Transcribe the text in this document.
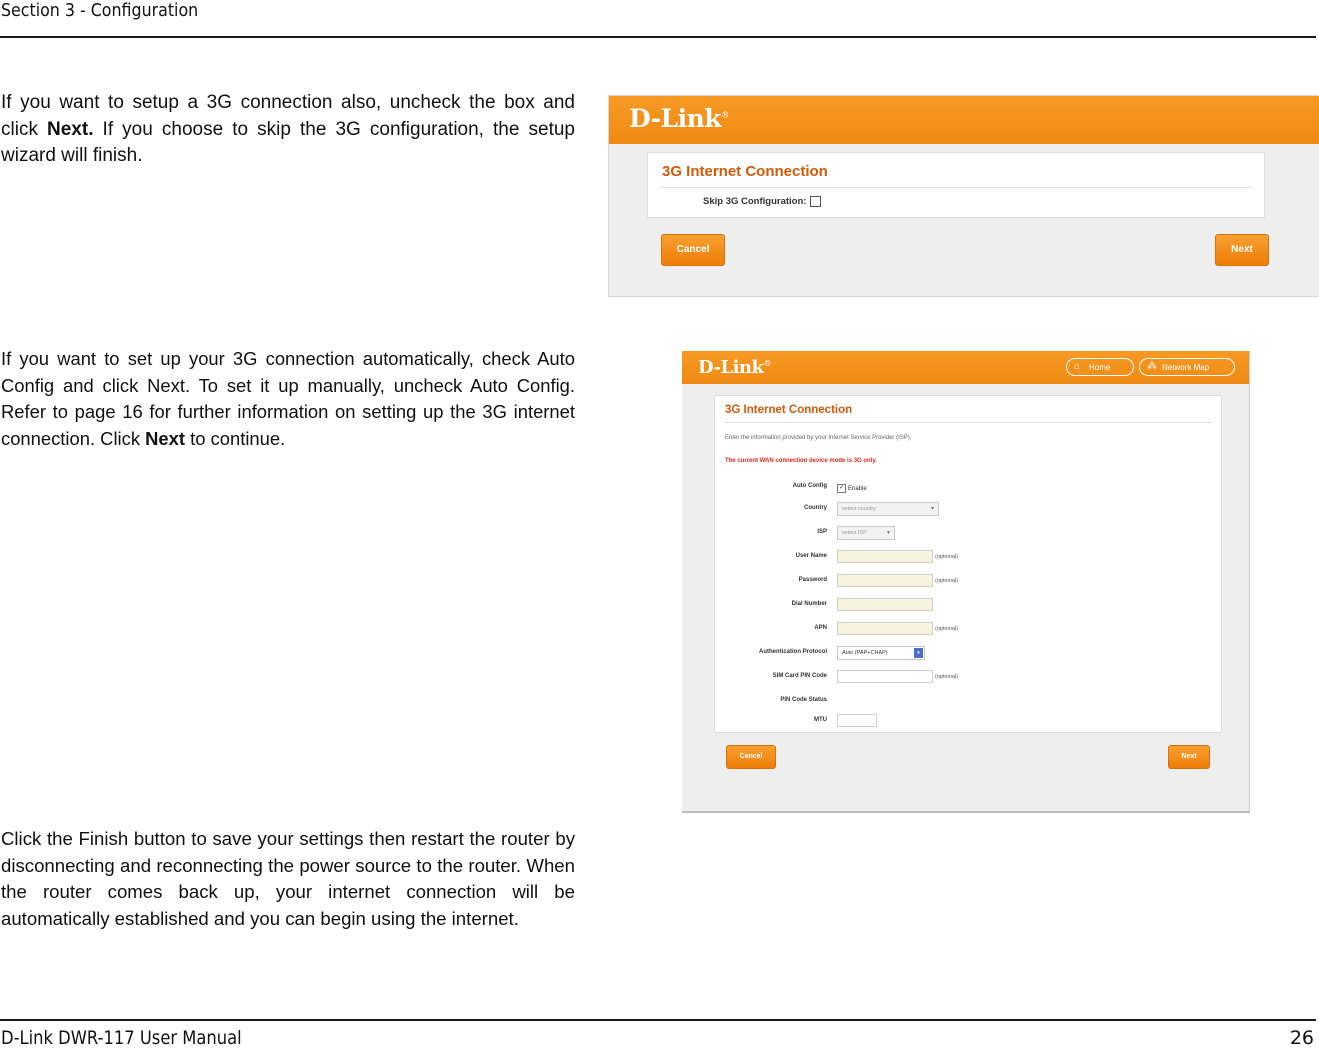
Section 3 - Configuration
If you want to setup a 3G connection also, uncheck the box and click Next. If you choose to skip the 3G configuration, the setup wizard will finish.
D-Link®
3G Internet Connection
Skip 3G Configuration:
Cancel	Next
If you want to set up your 3G connection automatically, check Auto Config and click Next. To set it up manually, uncheck Auto Config. Refer to page 16 for further information on setting up the 3G internet connection. Click Next to continue.
D-Link®	⌂ Home	⁂ Network Map
3G Internet Connection
Enter the information provided by your Internet Service Provider (ISP).
The current WAN connection device mode is 3G only.
Auto Config	✓ Enable
Country	select country	▾
ISP	select ISP	▾
User Name	(optional)
Password	(optional)
Dial Number
APN	(optional)
Authentication Protocol	Auto (PAP+CHAP)	▾
SIM Card PIN Code	(optional)
PIN Code Status
MTU
Cancel	Next
Click the Finish button to save your settings then restart the router by disconnecting and reconnecting the power source to the router. When the router comes back up, your internet connection will be automatically established and you can begin using the internet.
D-Link DWR-117 User Manual	26
